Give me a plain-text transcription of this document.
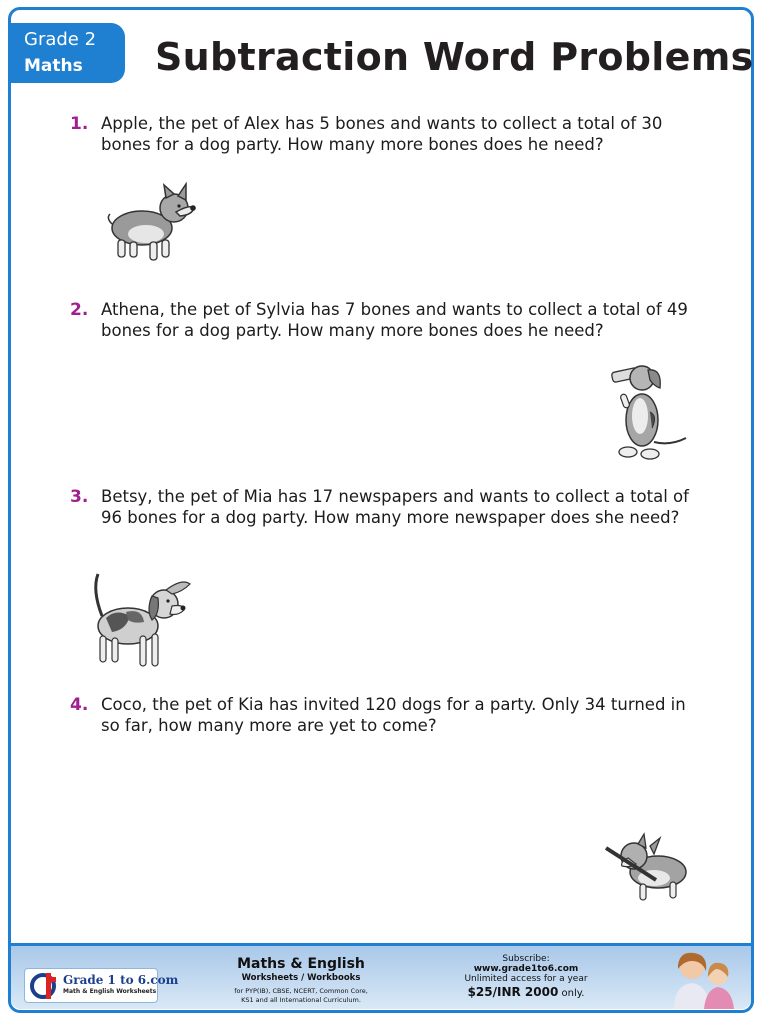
Grade 2
Maths Subtraction Word Problems
1. Apple, the pet of Alex has 5 bones and wants to collect a total of 30 bones for a dog party. How many more bones does he need?
2. Athena, the pet of Sylvia has 7 bones and wants to collect a total of 49 bones for a dog party. How many more bones does he need?
3. Betsy, the pet of Mia has 17 newspapers and wants to collect a total of 96 bones for a dog party. How many more newspaper does she need?
4. Coco, the pet of Kia has invited 120 dogs for a party. Only 34 turned in so far, how many more are yet to come?
Grade 1 to 6.com
Math & English Worksheets
Maths & English
Worksheets / Workbooks
for PYP(IB), CBSE, NCERT, Common Core,
KS1 and all International Curriculum.
Subscribe:
www.grade1to6.com
Unlimited access for a year
$25/INR 2000 only.
